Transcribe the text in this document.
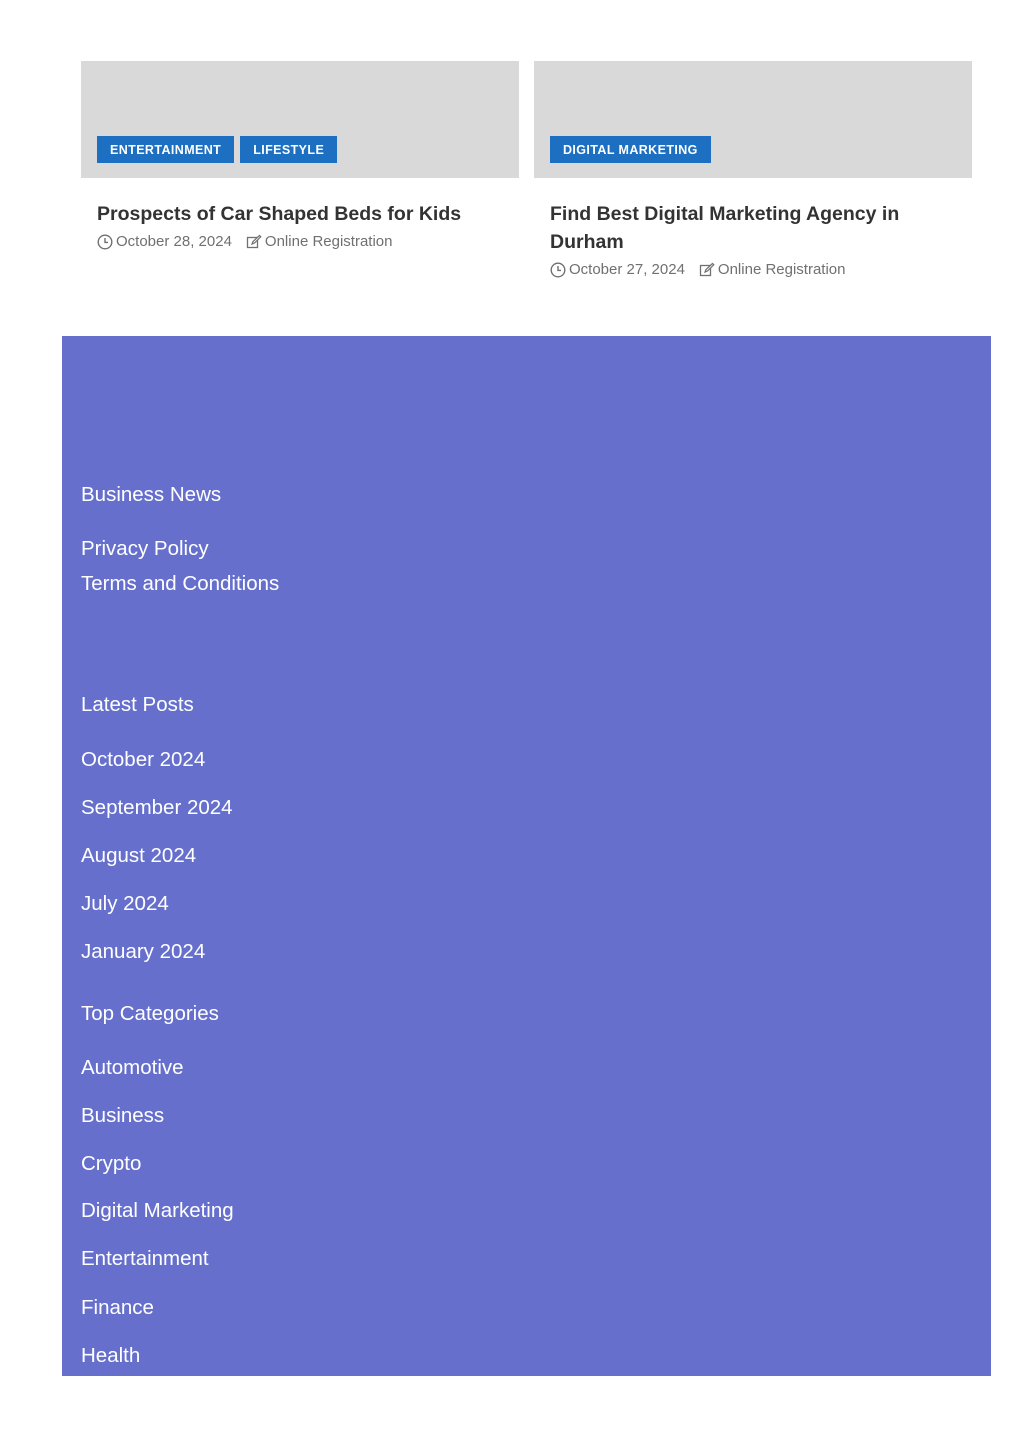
ENTERTAINMENT	LIFESTYLE
Prospects of Car Shaped Beds for Kids
October 28, 2024 Online Registration
DIGITAL MARKETING
Find Best Digital Marketing Agency in Durham
October 27, 2024 Online Registration
Business News
Privacy Policy
Terms and Conditions
Latest Posts
October 2024
September 2024
August 2024
July 2024
January 2024
Top Categories
Automotive
Business
Crypto
Digital Marketing
Entertainment
Finance
Health
